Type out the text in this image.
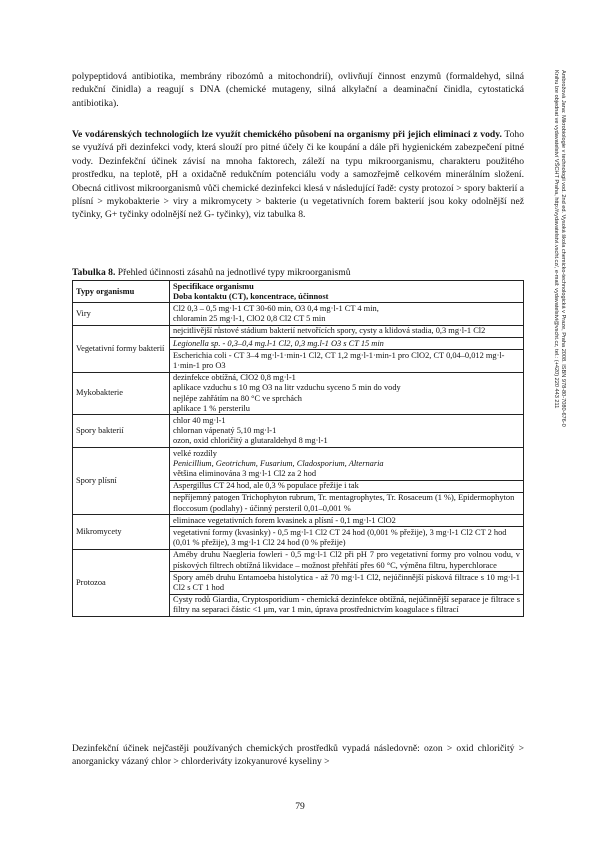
Ambrožová Jana: Mikrobiologie v technologii vod. 2nd ed. Vysoká škola chemicko-technologická v Praze, Praha 2008. ISBN 978-80-7080-676-0
Knihu lze objednat ve vydavatelství VŠCHT Praha, http://vydavatelstvi.vscht.cz/, e-mail: vydavatelstvi@vscht.cz, tel.: (+420) 220 443 211

polypeptidová antibiotika, membrány ribozómů a mitochondrií), ovlivňují činnost enzymů (formaldehyd, silná redukční činidla) a reagují s DNA (chemické mutageny, silná alkylační a deaminační činidla, cytostatická antibiotika).

Ve vodárenských technologiích lze využít chemického působení na organismy při jejich eliminaci z vody. Toho se využívá při dezinfekci vody, která slouží pro pitné účely či ke koupání a dále při hygienickém zabezpečení pitné vody. Dezinfekční účinek závisí na mnoha faktorech, záleží na typu mikroorganismu, charakteru použitého prostředku, na teplotě, pH a oxidačně redukčním potenciálu vody a samozřejmě celkovém minerálním složení. Obecná citlivost mikroorganismů vůči chemické dezinfekci klesá v následující řadě: cysty protozoí > spory bakterií a plísní > mykobakterie > viry a mikromycety > bakterie (u vegetativních forem bakterií jsou koky odolnější než tyčinky, G+ tyčinky odolnější než G- tyčinky), viz tabulka 8.

Tabulka 8. Přehled účinnosti zásahů na jednotlivé typy mikroorganismů

Typy organismu	Specifikace organismu
Doba kontaktu (CT), koncentrace, účinnost

Viry	Cl2 0,3 – 0,5 mg·l-1 CT 30-60 min, O3 0,4 mg·l-1 CT 4 min,
chloramin 25 mg·l-1, ClO2 0,8 Cl2 CT 5 min

Vegetativní formy bakterií	nejcitlivější růstové stádium bakterií netvořících spory, cysty a klidová stadia, 0,3 mg·l-1 Cl2
	Legionella sp. - 0,3–0,4 mg.l-1 Cl2, 0,3 mg.l-1 O3 s CT 15 min
	Escherichia coli - CT 3–4 mg·l-1·min-1 Cl2, CT 1,2 mg·l-1·min-1 pro ClO2, CT 0,04–0,012 mg·l-1·min-1 pro O3
Mykobakterie	dezinfekce obtížná, ClO2 0,8 mg·l-1
aplikace vzduchu s 10 mg O3 na litr vzduchu syceno 5 min do vody
nejlépe zahřátím na 80 °C ve sprchách
aplikace 1 % persterilu

Spory bakterií	chlor 40 mg·l-1
chlornan vápenatý 5,10 mg·l-1
ozon, oxid chloričitý a glutaraldehyd 8 mg·l-1

Spory plísní	velké rozdíly
Penicillium, Geotrichum, Fusarium, Cladosporium, Alternaria
většina eliminována 3 mg·l-1 Cl2 za 2 hod

	Aspergillus CT 24 hod, ale 0,3 % populace přežije i tak
	nepříjemný patogen Trichophyton rubrum, Tr. mentagrophytes, Tr. Rosaceum (1 %), Epidermophyton floccosum (podlahy) - účinný persteril 0,01–0,001 %
Mikromycety	eliminace vegetativních forem kvasinek a plísní - 0,1 mg·l-1 ClO2
	vegetativní formy (kvasinky) - 0,5 mg·l-1 Cl2 CT 24 hod (0,001 % přežije), 3 mg·l-1 Cl2 CT 2 hod (0,01 % přežije), 3 mg·l-1 Cl2 24 hod (0 % přežije)
Protozoa	Améby druhu Naegleria fowleri - 0,5 mg·l-1 Cl2 při pH 7 pro vegetativní formy pro volnou vodu, v pískových filtrech obtížná likvidace – možnost přehřátí přes 60 °C, výměna filtru, hyperchlorace
	Spory améb druhu Entamoeba histolytica - až 70 mg·l-1 Cl2, nejúčinnější písková filtrace s 10 mg·l-1 Cl2 s CT 1 hod
	Cysty rodů Giardia, Cryptosporidium - chemická dezinfekce obtížná, nejúčinnější separace je filtrace s filtry na separaci částic <1 μm, var 1 min, úprava prostřednictvím koagulace s filtrací

Dezinfekční účinek nejčastěji používaných chemických prostředků vypadá následovně: ozon > oxid chloričitý > anorganicky vázaný chlor > chlorderiváty izokyanurové kyseliny >

79
